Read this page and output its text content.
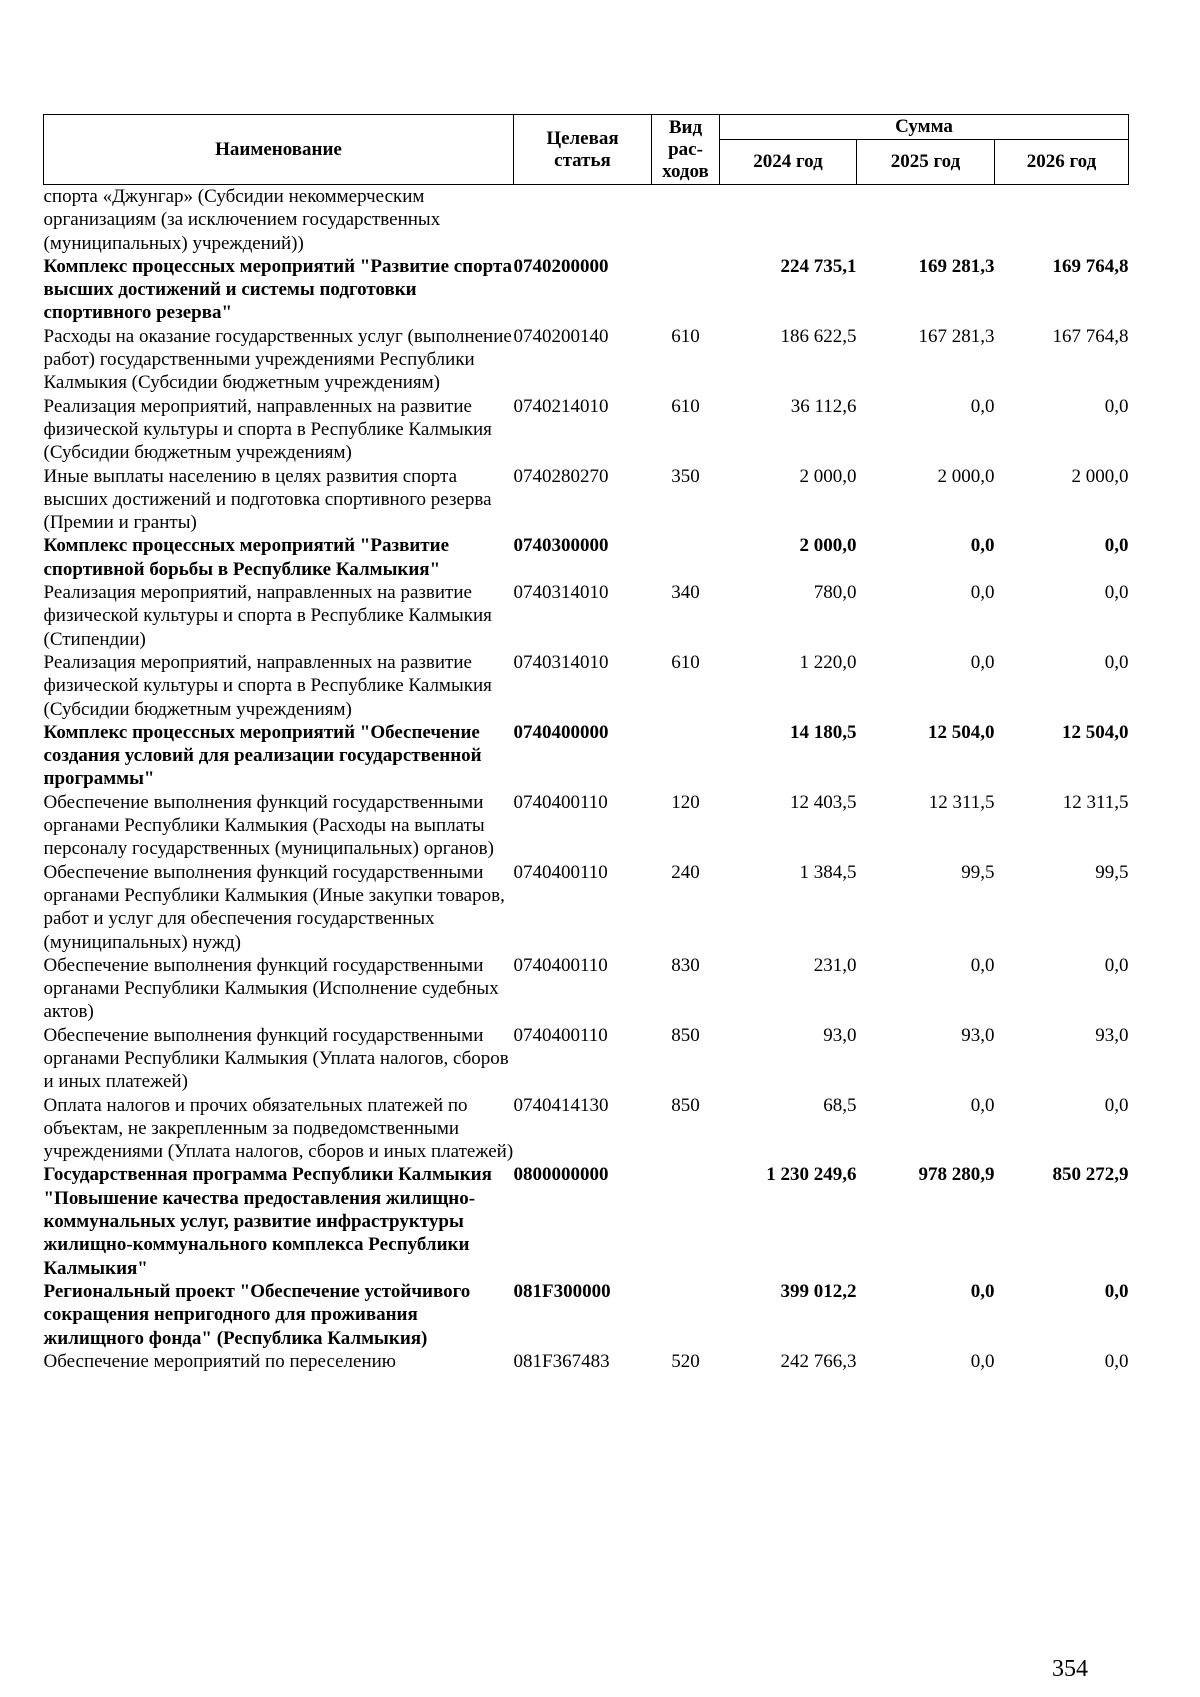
Наименование	Целевая статья	Вид рас-ходов	Сумма		
			2024 год	2025 год	2026 год
спорта «Джунгар» (Субсидии некоммерческим организациям (за исключением государственных (муниципальных) учреждений))					
Комплекс процессных мероприятий "Развитие спорта высших достижений и системы подготовки спортивного резерва"	0740200000		224 735,1	169 281,3	169 764,8
Расходы на оказание государственных услуг (выполнение работ) государственными учреждениями Республики Калмыкия (Субсидии бюджетным учреждениям)	0740200140	610	186 622,5	167 281,3	167 764,8
Реализация мероприятий, направленных на развитие физической культуры и спорта в Республике Калмыкия (Субсидии бюджетным учреждениям)	0740214010	610	36 112,6	0,0	0,0
Иные выплаты населению в целях развития спорта высших достижений и подготовка спортивного резерва (Премии и гранты)	0740280270	350	2 000,0	2 000,0	2 000,0
Комплекс процессных мероприятий "Развитие спортивной борьбы в Республике Калмыкия"	0740300000		2 000,0	0,0	0,0
Реализация мероприятий, направленных на развитие физической культуры и спорта в Республике Калмыкия (Стипендии)	0740314010	340	780,0	0,0	0,0
Реализация мероприятий, направленных на развитие физической культуры и спорта в Республике Калмыкия (Субсидии бюджетным учреждениям)	0740314010	610	1 220,0	0,0	0,0
Комплекс процессных мероприятий "Обеспечение создания условий для реализации государственной программы"	0740400000		14 180,5	12 504,0	12 504,0
Обеспечение выполнения функций государственными органами Республики Калмыкия (Расходы на выплаты персоналу государственных (муниципальных) органов)	0740400110	120	12 403,5	12 311,5	12 311,5
Обеспечение выполнения функций государственными органами Республики Калмыкия (Иные закупки товаров, работ и услуг для обеспечения государственных (муниципальных) нужд)	0740400110	240	1 384,5	99,5	99,5
Обеспечение выполнения функций государственными органами Республики Калмыкия (Исполнение судебных актов)	0740400110	830	231,0	0,0	0,0
Обеспечение выполнения функций государственными органами Республики Калмыкия (Уплата налогов, сборов и иных платежей)	0740400110	850	93,0	93,0	93,0
Оплата налогов и прочих обязательных платежей по объектам, не закрепленным за подведомственными учреждениями (Уплата налогов, сборов и иных платежей)	0740414130	850	68,5	0,0	0,0
Государственная программа Республики Калмыкия "Повышение качества предоставления жилищно-коммунальных услуг, развитие инфраструктуры жилищно-коммунального комплекса Республики Калмыкия"	0800000000		1 230 249,6	978 280,9	850 272,9
Региональный проект "Обеспечение устойчивого сокращения непригодного для проживания жилищного фонда" (Республика Калмыкия)	081F300000		399 012,2	0,0	0,0
Обеспечение мероприятий по переселению	081F367483	520	242 766,3	0,0	0,0
354
